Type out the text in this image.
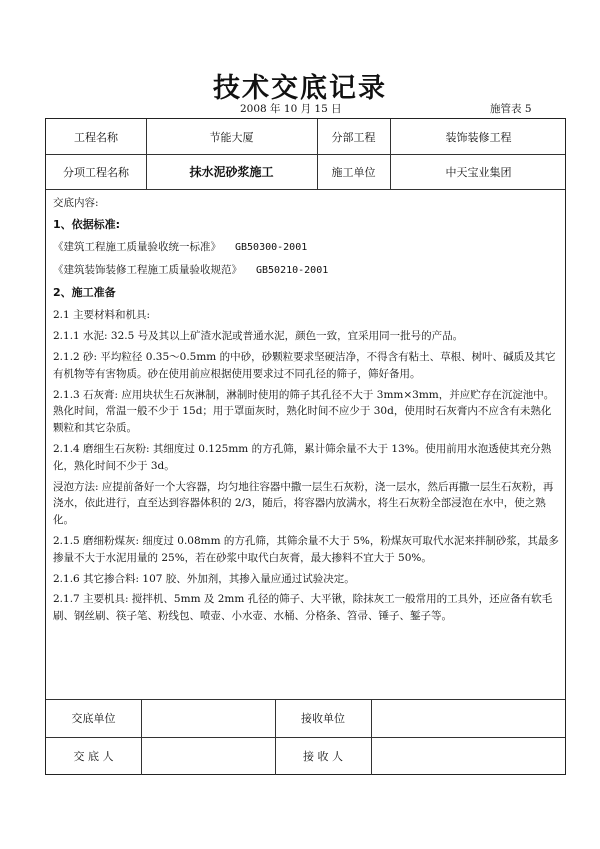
技术交底记录
2008 年 10 月 15 日	施管表 5
工程名称	节能大厦	分部工程	装饰装修工程
分项工程名称	抹水泥砂浆施工	施工单位	中天宝业集团

交底内容:

1、依据标准:

《建筑工程施工质量验收统一标准》 GB50300-2001

《建筑装饰装修工程施工质量验收规范》 GB50210-2001

2、施工准备

2.1 主要材料和机具:

2.1.1 水泥: 32.5 号及其以上矿渣水泥或普通水泥，颜色一致，宜采用同一批号的产品。

2.1.2 砂: 平均粒径 0.35～0.5mm 的中砂，砂颗粒要求坚硬洁净，不得含有粘土、草根、树叶、碱质及其它有机物等有害物质。砂在使用前应根据使用要求过不同孔径的筛子，筛好备用。

2.1.3 石灰膏: 应用块状生石灰淋制，淋制时使用的筛子其孔径不大于 3mm×3mm，并应贮存在沉淀池中。熟化时间，常温一般不少于 15d；用于罩面灰时，熟化时间不应少于 30d，使用时石灰膏内不应含有未熟化颗粒和其它杂质。

2.1.4 磨细生石灰粉: 其细度过 0.125mm 的方孔筛，累计筛余量不大于 13%。使用前用水泡透使其充分熟化，熟化时间不少于 3d。

浸泡方法: 应提前备好一个大容器，均匀地往容器中撒一层生石灰粉，浇一层水，然后再撒一层生石灰粉，再浇水，依此进行，直至达到容器体积的 2/3，随后，将容器内放满水，将生石灰粉全部浸泡在水中，使之熟化。

2.1.5 磨细粉煤灰: 细度过 0.08mm 的方孔筛，其筛余量不大于 5%，粉煤灰可取代水泥来拌制砂浆，其最多掺量不大于水泥用量的 25%，若在砂浆中取代白灰膏，最大掺料不宜大于 50%。

2.1.6 其它掺合料: 107 胶、外加剂，其掺入量应通过试验决定。

2.1.7 主要机具: 搅拌机、5mm 及 2mm 孔径的筛子、大平锹，除抹灰工一般常用的工具外，还应备有软毛刷、钢丝刷、筷子笔、粉线包、喷壶、小水壶、水桶、分格条、笤帚、锤子、錾子等。

交底单位	接收单位
交 底 人	接 收 人
